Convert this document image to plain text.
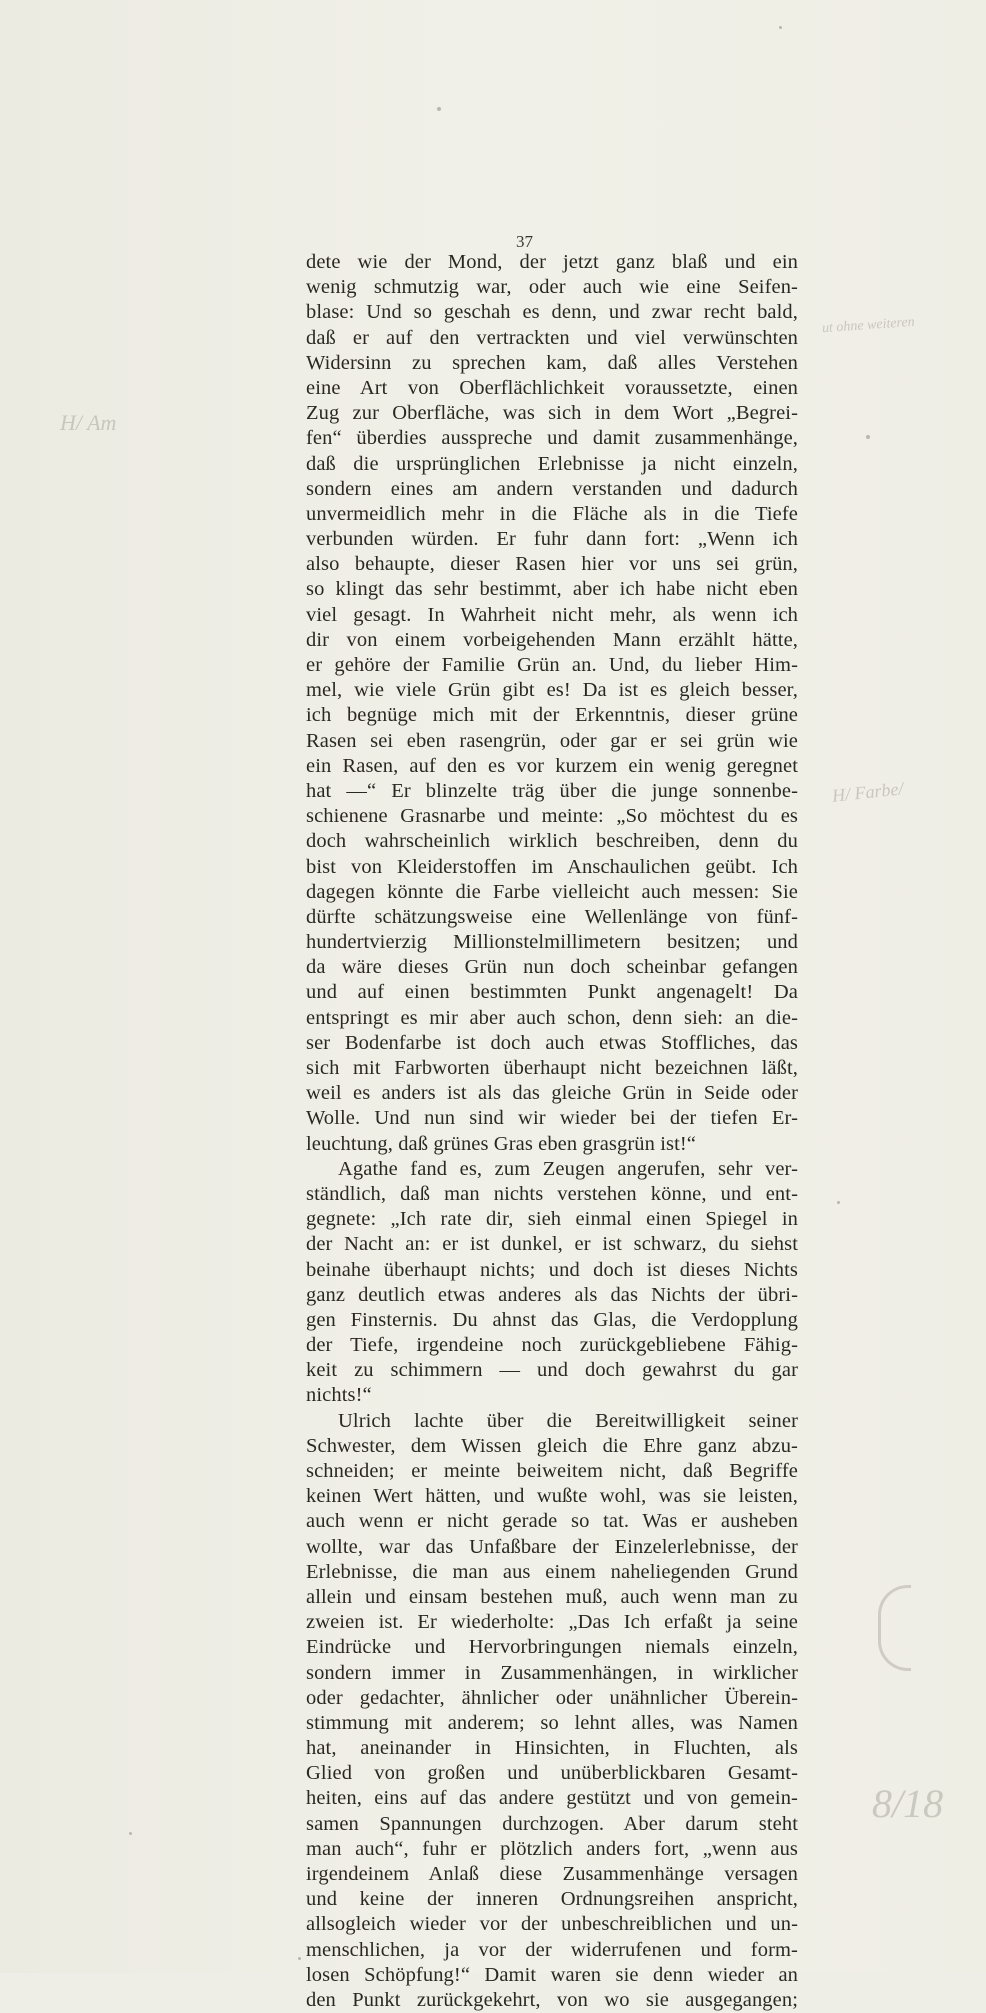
37
ut ohne weiteren
H/ Am
H/ Farbe/
8/18
dete wie der Mond, der jetzt ganz blaß und ein
wenig schmutzig war, oder auch wie eine Seifen-
blase: Und so geschah es denn, und zwar recht bald,
daß er auf den vertrackten und viel verwünschten
Widersinn zu sprechen kam, daß alles Verstehen
eine Art von Oberflächlichkeit voraussetzte, einen
Zug zur Oberfläche, was sich in dem Wort „Begrei-
fen“ überdies ausspreche und damit zusammenhänge,
daß die ursprünglichen Erlebnisse ja nicht einzeln,
sondern eines am andern verstanden und dadurch
unvermeidlich mehr in die Fläche als in die Tiefe
verbunden würden. Er fuhr dann fort: „Wenn ich
also behaupte, dieser Rasen hier vor uns sei grün,
so klingt das sehr bestimmt, aber ich habe nicht eben
viel gesagt. In Wahrheit nicht mehr, als wenn ich
dir von einem vorbeigehenden Mann erzählt hätte,
er gehöre der Familie Grün an. Und, du lieber Him-
mel, wie viele Grün gibt es! Da ist es gleich besser,
ich begnüge mich mit der Erkenntnis, dieser grüne
Rasen sei eben rasengrün, oder gar er sei grün wie
ein Rasen, auf den es vor kurzem ein wenig geregnet
hat —“ Er blinzelte träg über die junge sonnenbe-
schienene Grasnarbe und meinte: „So möchtest du es
doch wahrscheinlich wirklich beschreiben, denn du
bist von Kleiderstoffen im Anschaulichen geübt. Ich
dagegen könnte die Farbe vielleicht auch messen: Sie
dürfte schätzungsweise eine Wellenlänge von fünf-
hundertvierzig Millionstelmillimetern besitzen; und
da wäre dieses Grün nun doch scheinbar gefangen
und auf einen bestimmten Punkt angenagelt! Da
entspringt es mir aber auch schon, denn sieh: an die-
ser Bodenfarbe ist doch auch etwas Stoffliches, das
sich mit Farbworten überhaupt nicht bezeichnen läßt,
weil es anders ist als das gleiche Grün in Seide oder
Wolle. Und nun sind wir wieder bei der tiefen Er-
leuchtung, daß grünes Gras eben grasgrün ist!“
Agathe fand es, zum Zeugen angerufen, sehr ver-
ständlich, daß man nichts verstehen könne, und ent-
gegnete: „Ich rate dir, sieh einmal einen Spiegel in
der Nacht an: er ist dunkel, er ist schwarz, du siehst
beinahe überhaupt nichts; und doch ist dieses Nichts
ganz deutlich etwas anderes als das Nichts der übri-
gen Finsternis. Du ahnst das Glas, die Verdopplung
der Tiefe, irgendeine noch zurückgebliebene Fähig-
keit zu schimmern — und doch gewahrst du gar
nichts!“
Ulrich lachte über die Bereitwilligkeit seiner
Schwester, dem Wissen gleich die Ehre ganz abzu-
schneiden; er meinte beiweitem nicht, daß Begriffe
keinen Wert hätten, und wußte wohl, was sie leisten,
auch wenn er nicht gerade so tat. Was er ausheben
wollte, war das Unfaßbare der Einzelerlebnisse, der
Erlebnisse, die man aus einem naheliegenden Grund
allein und einsam bestehen muß, auch wenn man zu
zweien ist. Er wiederholte: „Das Ich erfaßt ja seine
Eindrücke und Hervorbringungen niemals einzeln,
sondern immer in Zusammenhängen, in wirklicher
oder gedachter, ähnlicher oder unähnlicher Überein-
stimmung mit anderem; so lehnt alles, was Namen
hat, aneinander in Hinsichten, in Fluchten, als
Glied von großen und unüberblickbaren Gesamt-
heiten, eins auf das andere gestützt und von gemein-
samen Spannungen durchzogen. Aber darum steht
man auch“, fuhr er plötzlich anders fort, „wenn aus
irgendeinem Anlaß diese Zusammenhänge versagen
und keine der inneren Ordnungsreihen anspricht,
allsogleich wieder vor der unbeschreiblichen und un-
menschlichen, ja vor der widerrufenen und form-
losen Schöpfung!“ Damit waren sie denn wieder an
den Punkt zurückgekehrt, von wo sie ausgegangen;
